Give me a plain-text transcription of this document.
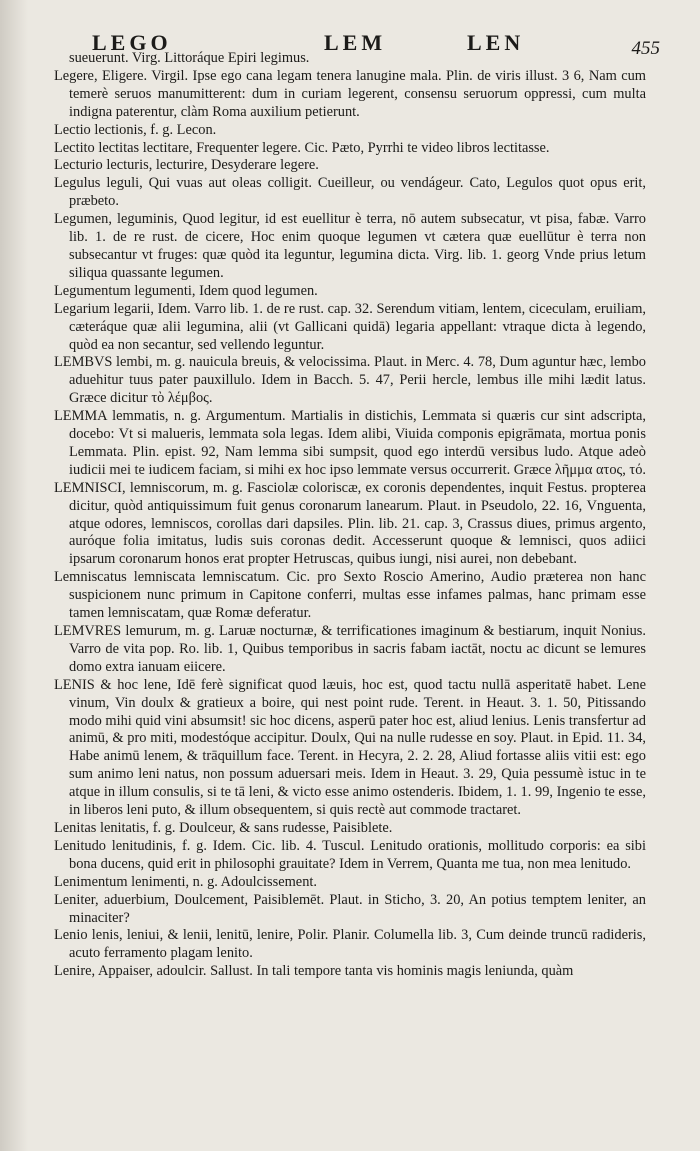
LEGO	LEM	LEN	455

sueuerunt. Virg. Littoráque Epiri legimus.

Legere, Eligere. Virgil. Ipse ego cana legam tenera lanugine mala. Plin. de viris illust. 3 6, Nam cum temerè seruos manumitterent: dum in curiam legerent, consensu seruorum oppressi, cum multa indigna paterentur, clàm Roma auxilium petierunt.

Lectio lectionis, f. g. Lecon.

Lectito lectitas lectitare, Frequenter legere. Cic. Pæto, Pyrrhi te video libros lectitasse.

Lecturio lecturis, lecturire, Desyderare legere.

Legulus leguli, Qui vuas aut oleas colligit. Cueilleur, ou vendágeur. Cato, Legulos quot opus erit, præbeto.

Legumen, leguminis, Quod legitur, id est euellitur è terra, nō autem subsecatur, vt pisa, fabæ. Varro lib. 1. de re rust. de cicere, Hoc enim quoque legumen vt cætera quæ euellūtur è terra non subsecantur vt fruges: quæ quòd ita leguntur, legumina dicta. Virg. lib. 1. georg Vnde prius letum siliqua quassante legumen.

Legumentum legumenti, Idem quod legumen.

Legarium legarii, Idem. Varro lib. 1. de re rust. cap. 32. Serendum vitiam, lentem, ciceculam, eruiliam, cæteráque quæ alii legumina, alii (vt Gallicani quidā) legaria appellant: vtraque dicta à legendo, quòd ea non secantur, sed vellendo leguntur.

LEMBVS lembi, m. g. nauicula breuis, & velocissima. Plaut. in Merc. 4. 78, Dum aguntur hæc, lembo aduehitur tuus pater pauxillulo. Idem in Bacch. 5. 47, Perii hercle, lembus ille mihi lædit latus. Græce dicitur τὸ λέμβος.

LEMMA lemmatis, n. g. Argumentum. Martialis in distichis, Lemmata si quæris cur sint adscripta, docebo: Vt si malueris, lemmata sola legas. Idem alibi, Viuida componis epigrāmata, mortua ponis Lemmata. Plin. epist. 92, Nam lemma sibi sumpsit, quod ego interdū versibus ludo. Atque adeò iudicii mei te iudicem faciam, si mihi ex hoc ipso lemmate versus occurrerit. Græce λῆμμα ατος, τό.

LEMNISCI, lemniscorum, m. g. Fasciolæ coloriscæ, ex coronis dependentes, inquit Festus. propterea dicitur, quòd antiquissimum fuit genus coronarum lanearum. Plaut. in Pseudolo, 22. 16, Vnguenta, atque odores, lemniscos, corollas dari dapsiles. Plin. lib. 21. cap. 3, Crassus diues, primus argento, auróque folia imitatus, ludis suis coronas dedit. Accesserunt quoque & lemnisci, quos adiici ipsarum coronarum honos erat propter Hetruscas, quibus iungi, nisi aurei, non debebant.

Lemniscatus lemniscata lemniscatum. Cic. pro Sexto Roscio Amerino, Audio præterea non hanc suspicionem nunc primum in Capitone conferri, multas esse infames palmas, hanc primam esse tamen lemniscatam, quæ Romæ deferatur.

LEMVRES lemurum, m. g. Laruæ nocturnæ, & terrificationes imaginum & bestiarum, inquit Nonius. Varro de vita pop. Ro. lib. 1, Quibus temporibus in sacris fabam iactāt, noctu ac dicunt se lemures domo extra ianuam eiicere.

LENIS & hoc lene, Idē ferè significat quod læuis, hoc est, quod tactu nullā asperitatē habet. Lene vinum, Vin doulx & gratieux a boire, qui nest point rude. Terent. in Heaut. 3. 1. 50, Pitissando modo mihi quid vini absumsit! sic hoc dicens, asperū pater hoc est, aliud lenius. Lenis transfertur ad animū, & pro miti, modestóque accipitur. Doulx, Qui na nulle rudesse en soy. Plaut. in Epid. 11. 34, Habe animū lenem, & trāquillum face. Terent. in Hecyra, 2. 2. 28, Aliud fortasse aliis vitii est: ego sum animo leni natus, non possum aduersari meis. Idem in Heaut. 3. 29, Quia pessumè istuc in te atque in illum consulis, si te tā leni, & victo esse animo ostenderis. Ibidem, 1. 1. 99, Ingenio te esse, in liberos leni puto, & illum obsequentem, si quis rectè aut commode tractaret.

Lenitas lenitatis, f. g. Doulceur, & sans rudesse, Paisiblete.

Lenitudo lenitudinis, f. g. Idem. Cic. lib. 4. Tuscul. Lenitudo orationis, mollitudo corporis: ea sibi bona ducens, quid erit in philosophi grauitate? Idem in Verrem, Quanta me tua, non mea lenitudo.

Lenimentum lenimenti, n. g. Adoulcissement.

Leniter, aduerbium, Doulcement, Paisiblemēt. Plaut. in Sticho, 3. 20, An potius temptem leniter, an minaciter?

Lenio lenis, leniui, & lenii, lenitū, lenire, Polir. Planir. Columella lib. 3, Cum deinde truncū radideris, acuto ferramento plagam lenito.

Lenire, Appaiser, adoulcir. Sallust. In tali tempore tanta vis hominis magis leniunda, quàm
